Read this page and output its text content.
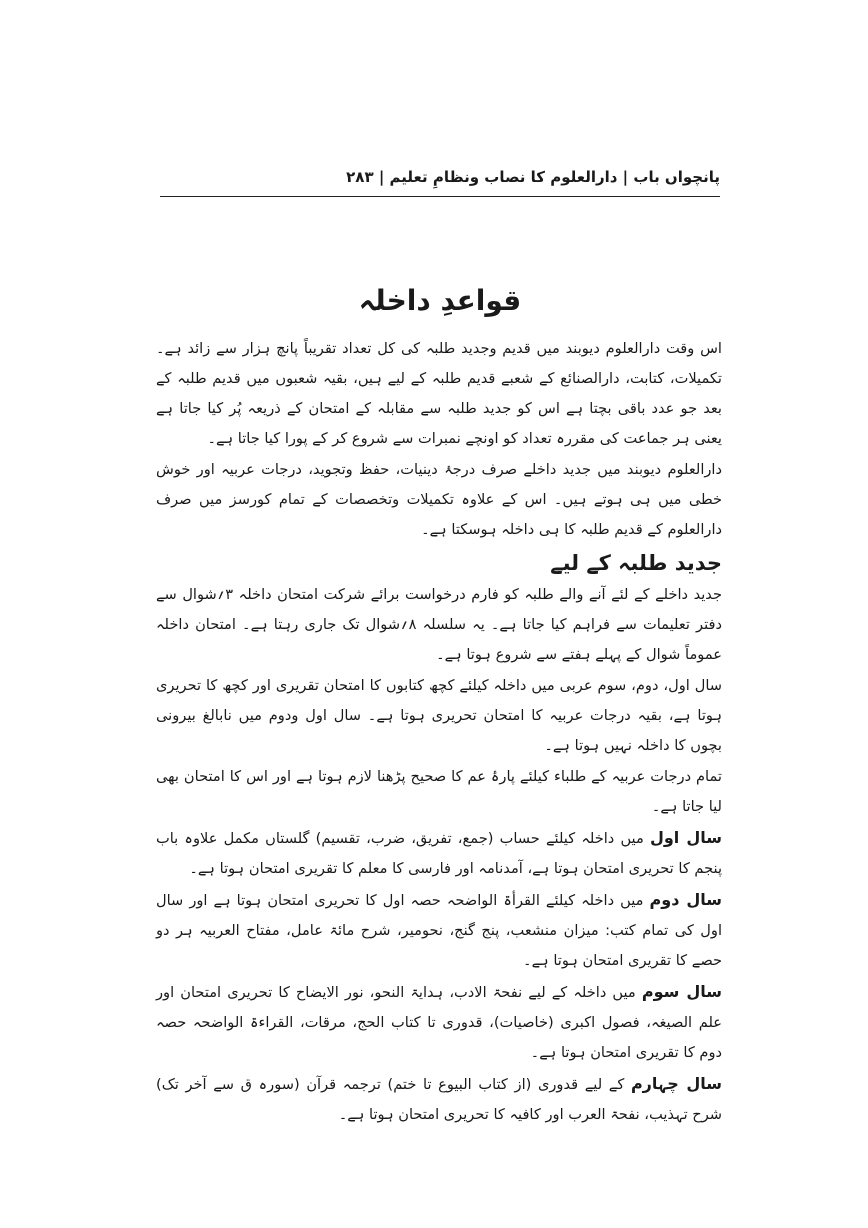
پانچواں باب | دارالعلوم کا نصاب ونظامِ تعلیم | ۲۸۳
قواعدِ داخلہ

اس وقت دارالعلوم دیوبند میں قدیم وجدید طلبہ کی کل تعداد تقریباً پانچ ہزار سے زائد ہے۔ تکمیلات، کتابت، دارالصنائع کے شعبے قدیم طلبہ کے لیے ہیں، بقیہ شعبوں میں قدیم طلبہ کے بعد جو عدد باقی بچتا ہے اس کو جدید طلبہ سے مقابلہ کے امتحان کے ذریعہ پُر کیا جاتا ہے یعنی ہر جماعت کی مقررہ تعداد کو اونچے نمبرات سے شروع کر کے پورا کیا جاتا ہے۔

دارالعلوم دیوبند میں جدید داخلے صرف درجۂ دینیات، حفظ وتجوید، درجات عربیہ اور خوش خطی میں ہی ہوتے ہیں۔ اس کے علاوہ تکمیلات وتخصصات کے تمام کورسز میں صرف دارالعلوم کے قدیم طلبہ کا ہی داخلہ ہوسکتا ہے۔

جدید طلبہ کے لیے

جدید داخلے کے لئے آنے والے طلبہ کو فارم درخواست برائے شرکت امتحان داخلہ ۳؍شوال سے دفتر تعلیمات سے فراہم کیا جاتا ہے۔ یہ سلسلہ ۸؍شوال تک جاری رہتا ہے۔ امتحان داخلہ عموماً شوال کے پہلے ہفتے سے شروع ہوتا ہے۔

سال اول، دوم، سوم عربی میں داخلہ کیلئے کچھ کتابوں کا امتحان تقریری اور کچھ کا تحریری ہوتا ہے، بقیہ درجات عربیہ کا امتحان تحریری ہوتا ہے۔ سال اول ودوم میں نابالغ بیرونی بچوں کا داخلہ نہیں ہوتا ہے۔

تمام درجات عربیہ کے طلباء کیلئے پارۂ عم کا صحیح پڑھنا لازم ہوتا ہے اور اس کا امتحان بھی لیا جاتا ہے۔

سال اول میں داخلہ کیلئے حساب (جمع، تفریق، ضرب، تقسیم) گلستاں مکمل علاوہ باب پنجم کا تحریری امتحان ہوتا ہے، آمدنامہ اور فارسی کا معلم کا تقریری امتحان ہوتا ہے۔

سال دوم میں داخلہ کیلئے القرأۃ الواضحہ حصہ اول کا تحریری امتحان ہوتا ہے اور سال اول کی تمام کتب: میزان منشعب، پنج گنج، نحومیر، شرح مائۃ عامل، مفتاح العربیہ ہر دو حصے کا تقریری امتحان ہوتا ہے۔

سال سوم میں داخلہ کے لیے نفحۃ الادب، ہدایۃ النحو، نور الایضاح کا تحریری امتحان اور علم الصیغہ، فصول اکبری (خاصیات)، قدوری تا کتاب الحج، مرقات، القراءۃ الواضحہ حصہ دوم کا تقریری امتحان ہوتا ہے۔

سال چہارم کے لیے قدوری (از کتاب البیوع تا ختم) ترجمہ قرآن (سورہ ق سے آخر تک) شرح تہذیب، نفحۃ العرب اور کافیہ کا تحریری امتحان ہوتا ہے۔
